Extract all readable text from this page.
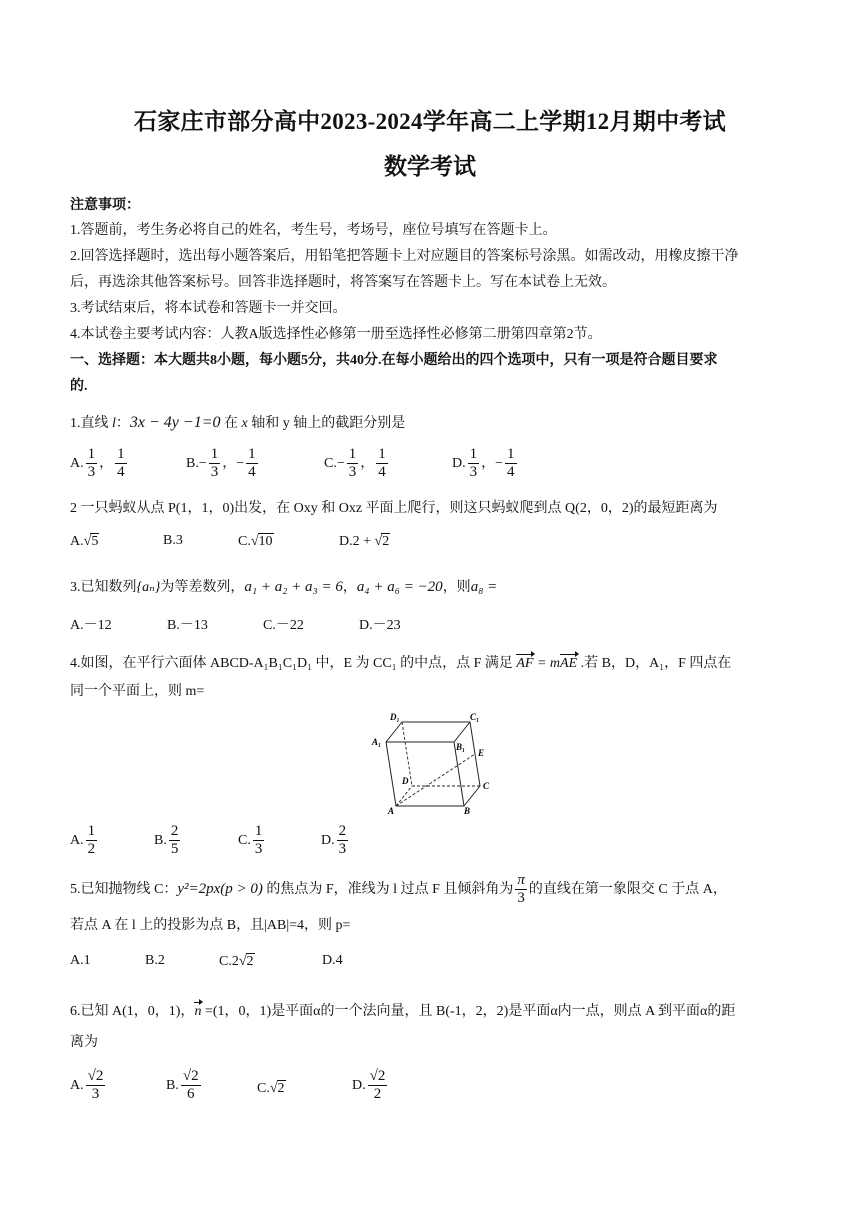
石家庄市部分高中2023-2024学年高二上学期12月期中考试
数学考试
注意事项：
1.答题前，考生务必将自己的姓名，考生号，考场号，座位号填写在答题卡上。
2.回答选择题时，选出每小题答案后，用铅笔把答题卡上对应题目的答案标号涂黑。如需改动，用橡皮擦干净
后，再选涂其他答案标号。回答非选择题时，将答案写在答题卡上。写在本试卷上无效。
3.考试结束后，将本试卷和答题卡一并交回。
4.本试卷主要考试内容：人教A版选择性必修第一册至选择性必修第二册第四章第2节。
一、选择题：本大题共8小题，每小题5分，共40分.在每小题给出的四个选项中，只有一项是符合题目要求
的.
1.直线 l：3x − 4y −1=0 在 x 轴和 y 轴上的截距分别是
A. $\frac{1}{3}$ ， $\frac{1}{4}$	$B.- \frac{1}{3}$ ，− $\frac{1}{4}$	$C.- \frac{1}{3}$ ， $\frac{1}{4}$	D. $\frac{1}{3}$ ，− $\frac{1}{4}$
2 一只蚂蚁从点 P(1，1，0)出发，在 Oxy 和 Oxz 平面上爬行，则这只蚂蚁爬到点 Q(2，0，2)的最短距离为
A.√5	B.3	C.√10	D.2 + √2
3.已知数列{aₙ}为等差数列，a₁ + a₂ + a₃ = 6，a₄ + a₆ = −20，则a₈ =
A.－12	B.－13	C.－22	D.－23
4.如图，在平行六面体 ABCD-A₁B₁C₁D₁ 中，E 为 CC₁ 的中点，点 F 满足 AF = mAE .若 B，D，A₁，F 四点在
同一个平面上，则 m=
D₁	C₁
A₁	B₁
E
D	C
A	B
A. $\frac{1}{2}$	B. $\frac{2}{5}$	C. $\frac{1}{3}$	D. $\frac{2}{3}$
5.已知抛物线 C：y²=2px(p > 0) 的焦点为 F，准线为 l 过点 F 且倾斜角为 $\frac{\pi}{3}$ 的直线在第一象限交 C 于点 A，
若点 A 在 l 上的投影为点 B，且|AB|=4，则 p=
A.1	B.2	C.2√2	D.4
6.已知 A(1，0，1)，n =(1，0，1)是平面α的一个法向量，且 B(-1，2，2)是平面α内一点，则点 A 到平面α的距
离为
A. $\frac{√2}{3}$	B. $\frac{√2}{6}$	C.√2	D. $\frac{√2}{2}$
